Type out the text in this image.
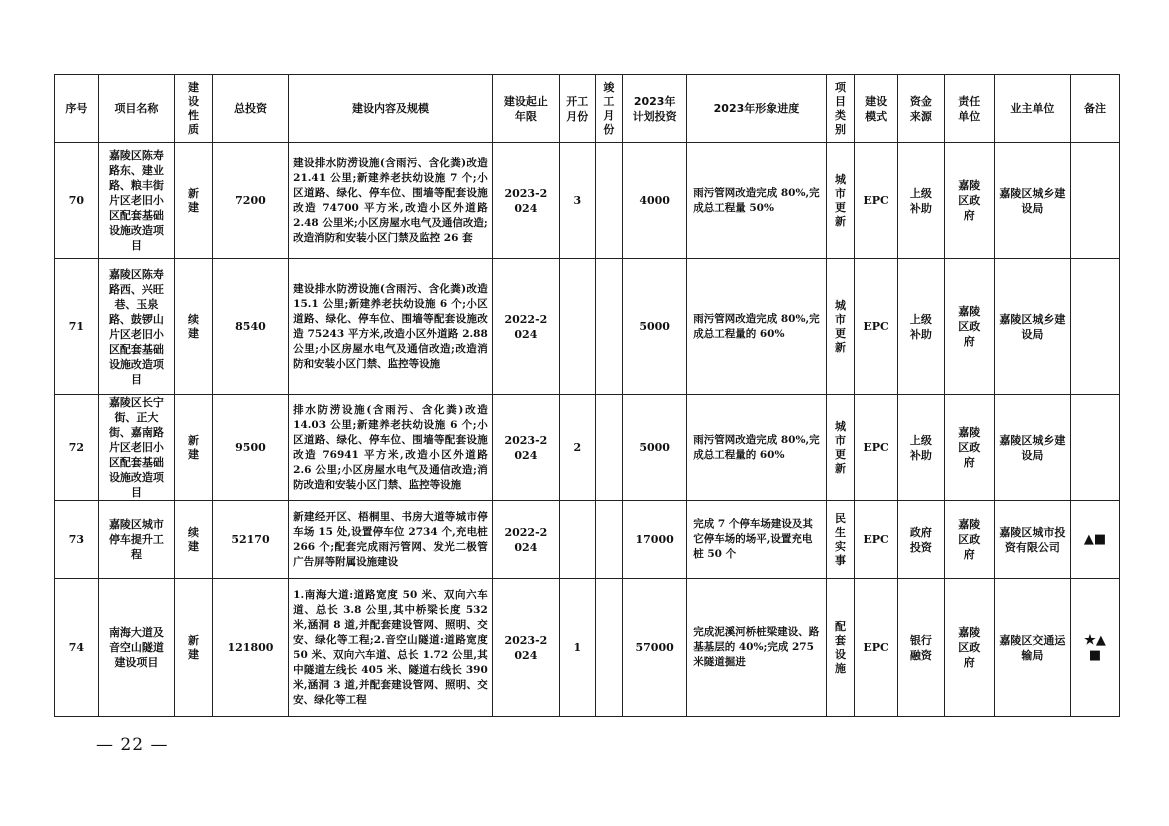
序号	项目名称	建设性质	总投资	建设内容及规模	建设起止年限	开工月份	竣工月份	2023年计划投资	2023年形象进度	项目类别	建设模式	资金来源	责任单位	业主单位	备注
70	嘉陵区陈寿路东、建业路、粮丰街片区老旧小区配套基础设施改造项目	新建	7200	建设排水防涝设施(含雨污、含化粪)改造 21.41 公里;新建养老扶幼设施 7 个;小区道路、绿化、停车位、围墙等配套设施改造 74700 平方米,改造小区外道路 2.48 公里米;小区房屋水电气及通信改造;改造消防和安装小区门禁及监控 26 套	2023-2024	3		4000	雨污管网改造完成 80%,完成总工程量 50%	城市更新	EPC	上级补助	嘉陵区政府	嘉陵区城乡建设局	
71	嘉陵区陈寿路西、兴旺巷、玉泉路、鼓锣山片区老旧小区配套基础设施改造项目	续建	8540	建设排水防涝设施(含雨污、含化粪)改造 15.1 公里;新建养老扶幼设施 6 个;小区道路、绿化、停车位、围墙等配套设施改造 75243 平方米,改造小区外道路 2.88 公里;小区房屋水电气及通信改造;改造消防和安装小区门禁、监控等设施	2022-2024			5000	雨污管网改造完成 80%,完成总工程量的 60%	城市更新	EPC	上级补助	嘉陵区政府	嘉陵区城乡建设局	
72	嘉陵区长宁街、正大街、嘉南路片区老旧小区配套基础设施改造项目	新建	9500	排水防涝设施(含雨污、含化粪)改造 14.03 公里;新建养老扶幼设施 6 个;小区道路、绿化、停车位、围墙等配套设施改造 76941 平方米,改造小区外道路 2.6 公里;小区房屋水电气及通信改造;消防改造和安装小区门禁、监控等设施	2023-2024	2		5000	雨污管网改造完成 80%,完成总工程量的 60%	城市更新	EPC	上级补助	嘉陵区政府	嘉陵区城乡建设局	
73	嘉陵区城市停车提升工程	续建	52170	新建经开区、梧桐里、书房大道等城市停车场 15 处,设置停车位 2734 个,充电桩 266 个;配套完成雨污管网、发光二极管广告屏等附属设施建设	2022-2024			17000	完成 7 个停车场建设及其它停车场的场平,设置充电桩 50 个	民生实事	EPC	政府投资	嘉陵区政府	嘉陵区城市投资有限公司	▲■
74	南海大道及音空山隧道建设项目	新建	121800	1.南海大道:道路宽度 50 米、双向六车道、总长 3.8 公里,其中桥梁长度 532 米,涵洞 8 道,并配套建设管网、照明、交安、绿化等工程;2.音空山隧道:道路宽度 50 米、双向六车道、总长 1.72 公里,其中隧道左线长 405 米、隧道右线长 390 米,涵洞 3 道,并配套建设管网、照明、交安、绿化等工程	2023-2024	1		57000	完成泥溪河桥桩梁建设、路基基层的 40%;完成 275 米隧道掘进	配套设施	EPC	银行融资	嘉陵区政府	嘉陵区交通运输局	★▲■
— 22 —
